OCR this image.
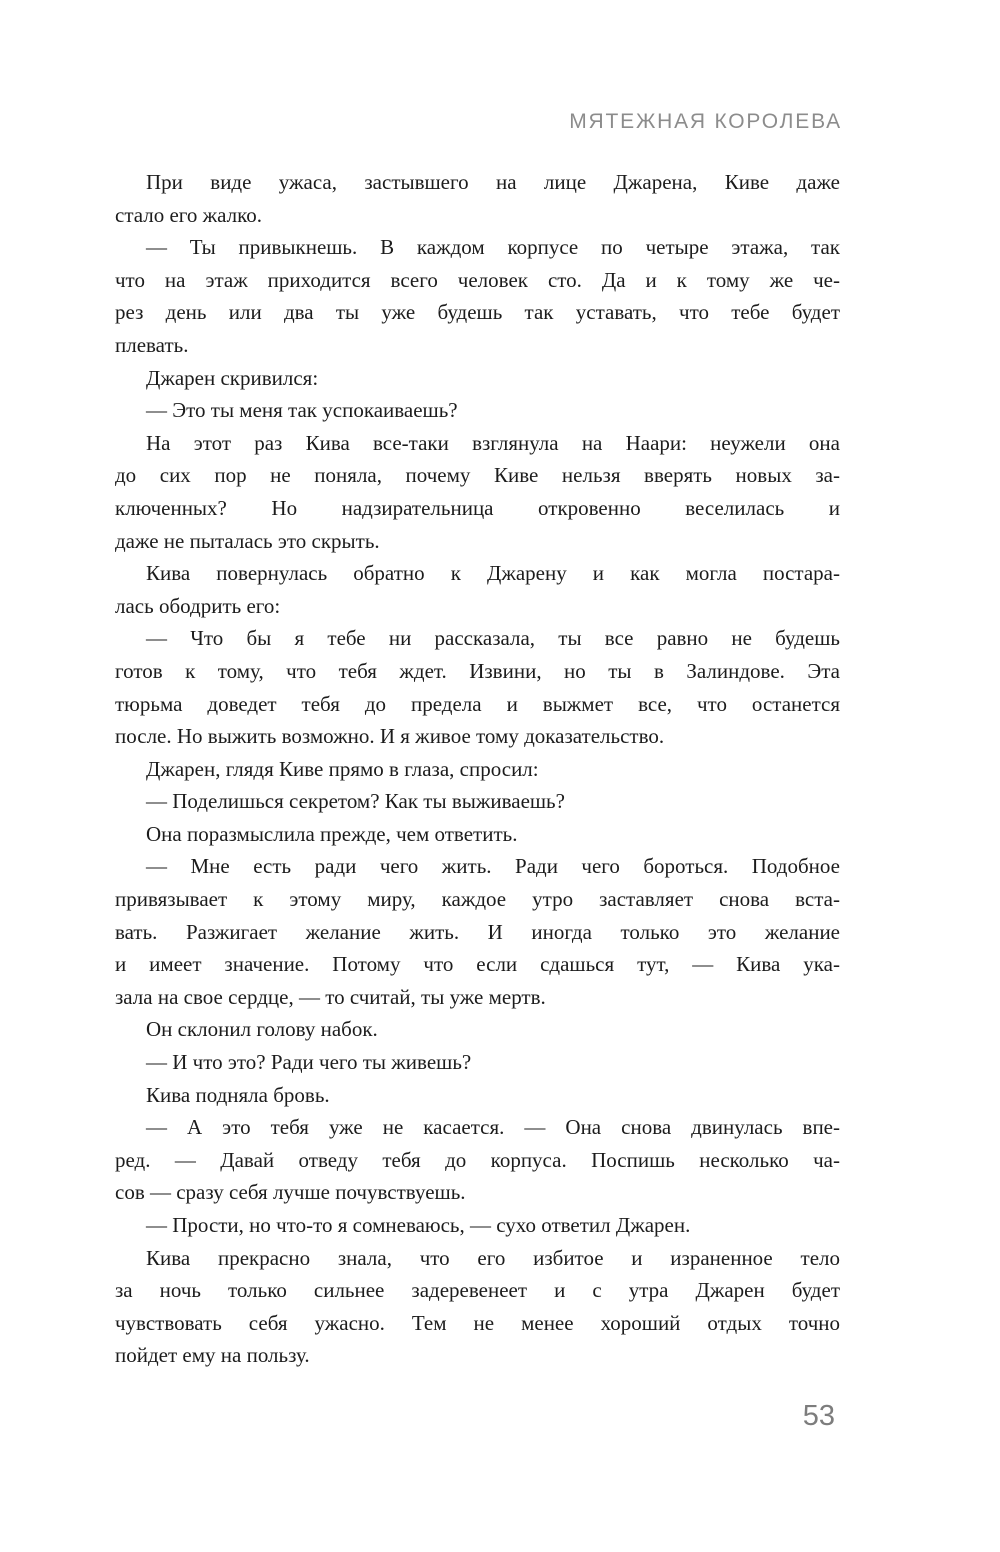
МЯТЕЖНАЯ КОРОЛЕВА
При виде ужаса, застывшего на лице Джарена, Киве даже
стало его жалко.
— Ты привыкнешь. В каждом корпусе по четыре этажа, так
что на этаж приходится всего человек сто. Да и к тому же че-
рез день или два ты уже будешь так уставать, что тебе будет
плевать.
Джарен скривился:
— Это ты меня так успокаиваешь?
На этот раз Кива все-таки взглянула на Наари: неужели она
до сих пор не поняла, почему Киве нельзя вверять новых за-
ключенных? Но надзирательница откровенно веселилась и
даже не пыталась это скрыть.
Кива повернулась обратно к Джарену и как могла постара-
лась ободрить его:
— Что бы я тебе ни рассказала, ты все равно не будешь
готов к тому, что тебя ждет. Извини, но ты в Залиндове. Эта
тюрьма доведет тебя до предела и выжмет все, что останется
после. Но выжить возможно. И я живое тому доказательство.
Джарен, глядя Киве прямо в глаза, спросил:
— Поделишься секретом? Как ты выживаешь?
Она поразмыслила прежде, чем ответить.
— Мне есть ради чего жить. Ради чего бороться. Подобное
привязывает к этому миру, каждое утро заставляет снова вста-
вать. Разжигает желание жить. И иногда только это желание
и имеет значение. Потому что если сдашься тут, — Кива ука-
зала на свое сердце, — то считай, ты уже мертв.
Он склонил голову набок.
— И что это? Ради чего ты живешь?
Кива подняла бровь.
— А это тебя уже не касается. — Она снова двинулась впе-
ред. — Давай отведу тебя до корпуса. Поспишь несколько ча-
сов — сразу себя лучше почувствуешь.
— Прости, но что-то я сомневаюсь, — сухо ответил Джарен.
Кива прекрасно знала, что его избитое и израненное тело
за ночь только сильнее задеревенеет и с утра Джарен будет
чувствовать себя ужасно. Тем не менее хороший отдых точно
пойдет ему на пользу.
53
